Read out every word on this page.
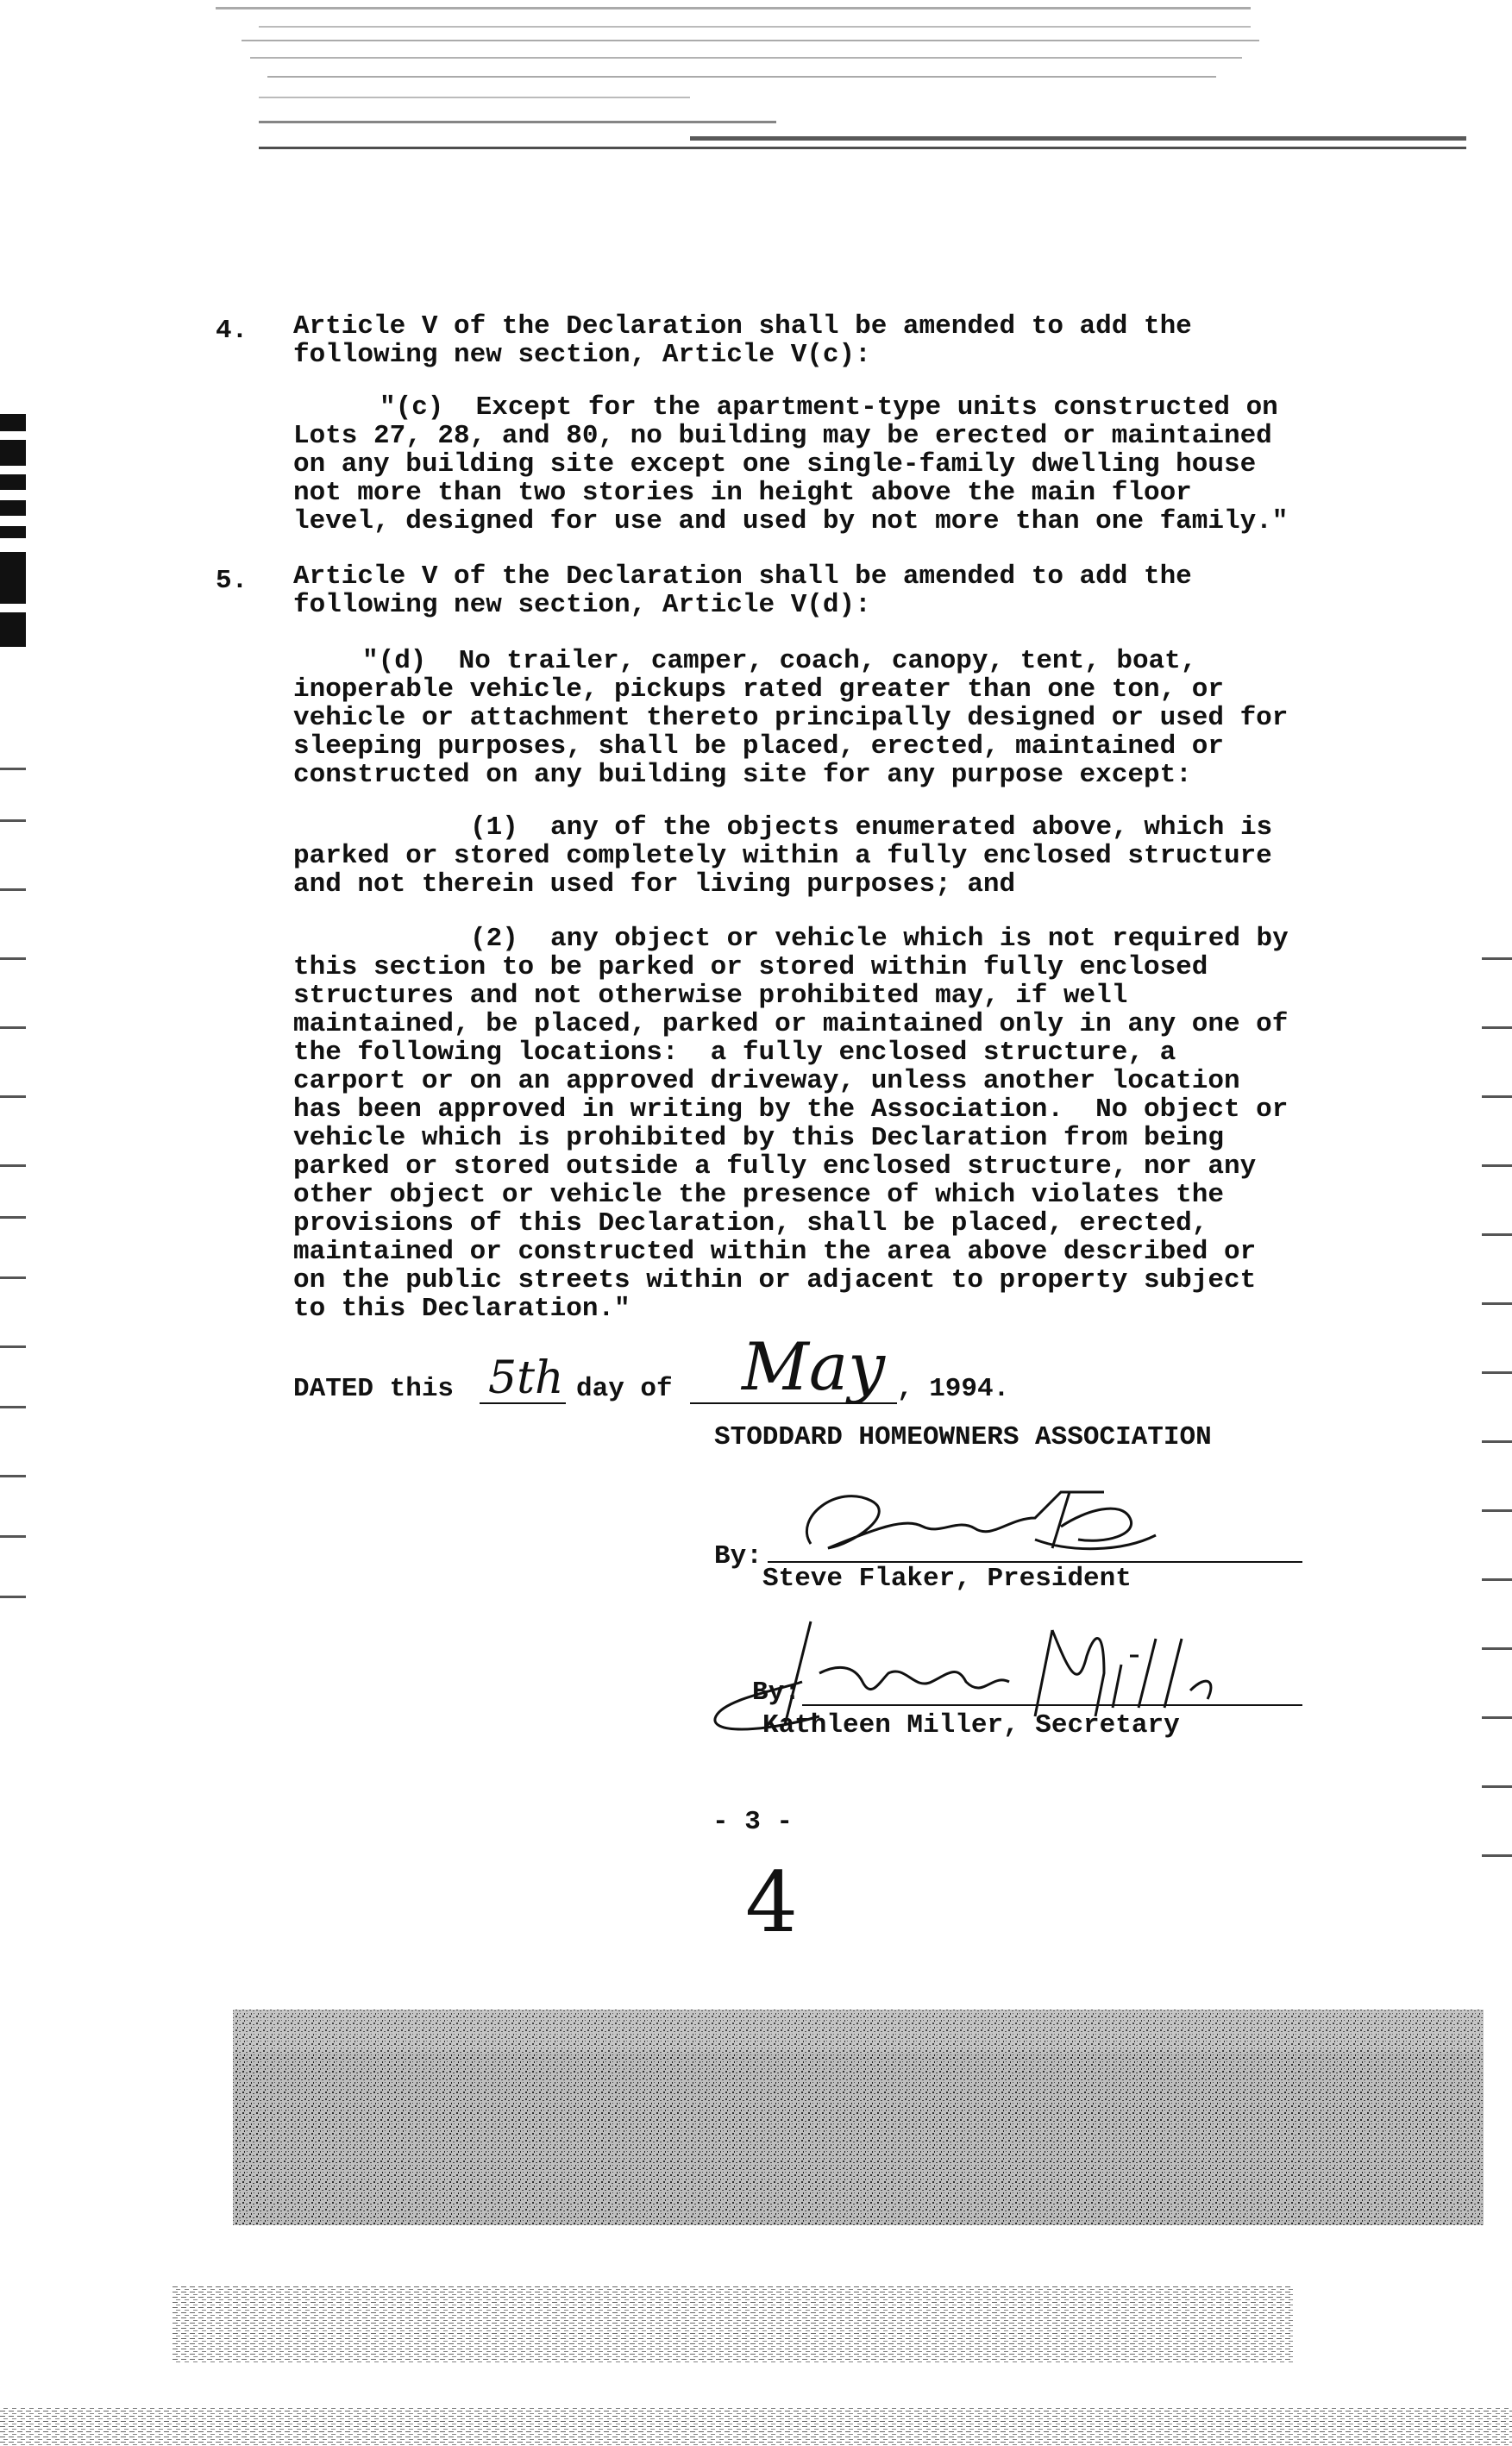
4. Article V of the Declaration shall be amended to add the
following new section, Article V(c):
"(c)  Except for the apartment-type units constructed on
Lots 27, 28, and 80, no building may be erected or maintained
on any building site except one single-family dwelling house
not more than two stories in height above the main floor
level, designed for use and used by not more than one family."
5. Article V of the Declaration shall be amended to add the
following new section, Article V(d):
"(d)  No trailer, camper, coach, canopy, tent, boat,
inoperable vehicle, pickups rated greater than one ton, or
vehicle or attachment thereto principally designed or used for
sleeping purposes, shall be placed, erected, maintained or
constructed on any building site for any purpose except:
(1)  any of the objects enumerated above, which is
parked or stored completely within a fully enclosed structure
and not therein used for living purposes; and
(2)  any object or vehicle which is not required by
this section to be parked or stored within fully enclosed
structures and not otherwise prohibited may, if well
maintained, be placed, parked or maintained only in any one of
the following locations:  a fully enclosed structure, a
carport or on an approved driveway, unless another location
has been approved in writing by the Association.  No object or
vehicle which is prohibited by this Declaration from being
parked or stored outside a fully enclosed structure, nor any
other object or vehicle the presence of which violates the
provisions of this Declaration, shall be placed, erected,
maintained or constructed within the area above described or
on the public streets within or adjacent to property subject
to this Declaration."
DATED this 5th day of May , 1994.
STODDARD HOMEOWNERS ASSOCIATION
By:
Steve Flaker, President
By:
Kathleen Miller, Secretary
- 3 -
4
